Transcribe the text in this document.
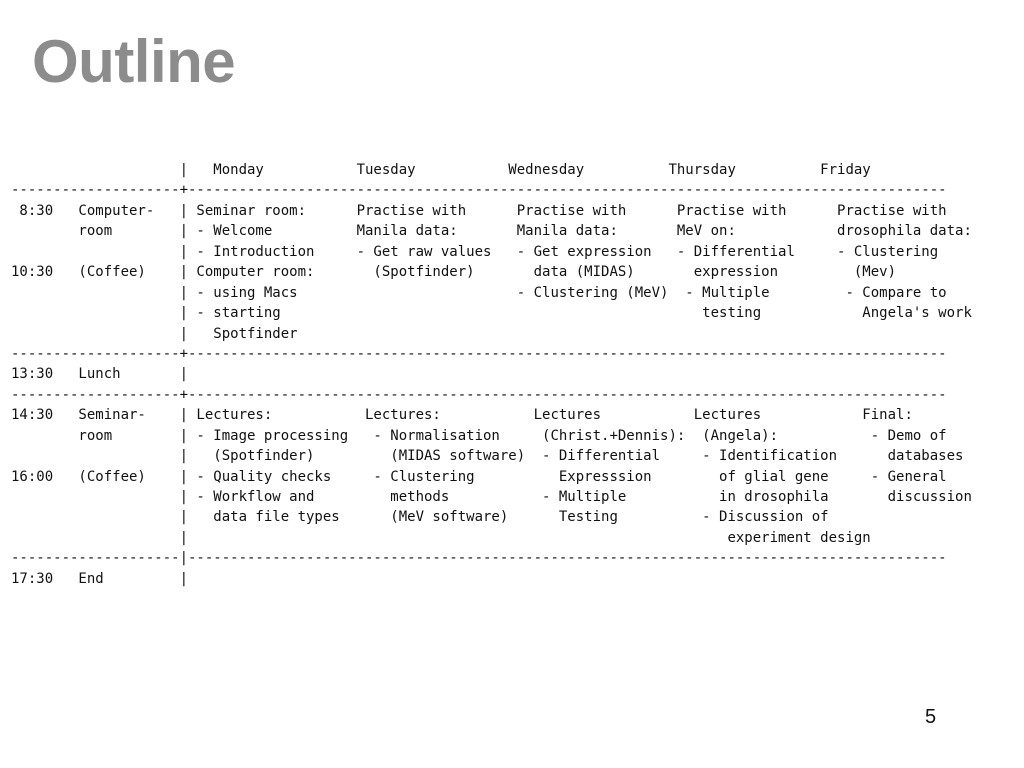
Outline
|   Monday           Tuesday           Wednesday          Thursday          Friday
--------------------+------------------------------------------------------------------------------------------
8:30   Computer-   | Seminar room:      Practise with      Practise with      Practise with      Practise with
room        | - Welcome          Manila data:       Manila data:       MeV on:            drosophila data:
| - Introduction     - Get raw values   - Get expression   - Differential     - Clustering
10:30   (Coffee)    | Computer room:       (Spotfinder)       data (MIDAS)       expression         (Mev)
| - using Macs                          - Clustering (MeV)  - Multiple         - Compare to
| - starting                                                  testing            Angela's work
|   Spotfinder
--------------------+------------------------------------------------------------------------------------------
13:30   Lunch       |
--------------------+------------------------------------------------------------------------------------------
14:30   Seminar-    | Lectures:           Lectures:           Lectures           Lectures            Final:
room        | - Image processing   - Normalisation     (Christ.+Dennis):  (Angela):           - Demo of
|   (Spotfinder)         (MIDAS software)  - Differential     - Identification      databases
16:00   (Coffee)    | - Quality checks     - Clustering          Expresssion        of glial gene     - General
| - Workflow and         methods           - Multiple           in drosophila       discussion
|   data file types      (MeV software)      Testing          - Discussion of
|                                                                experiment design
--------------------|------------------------------------------------------------------------------------------
17:30   End         |
5
